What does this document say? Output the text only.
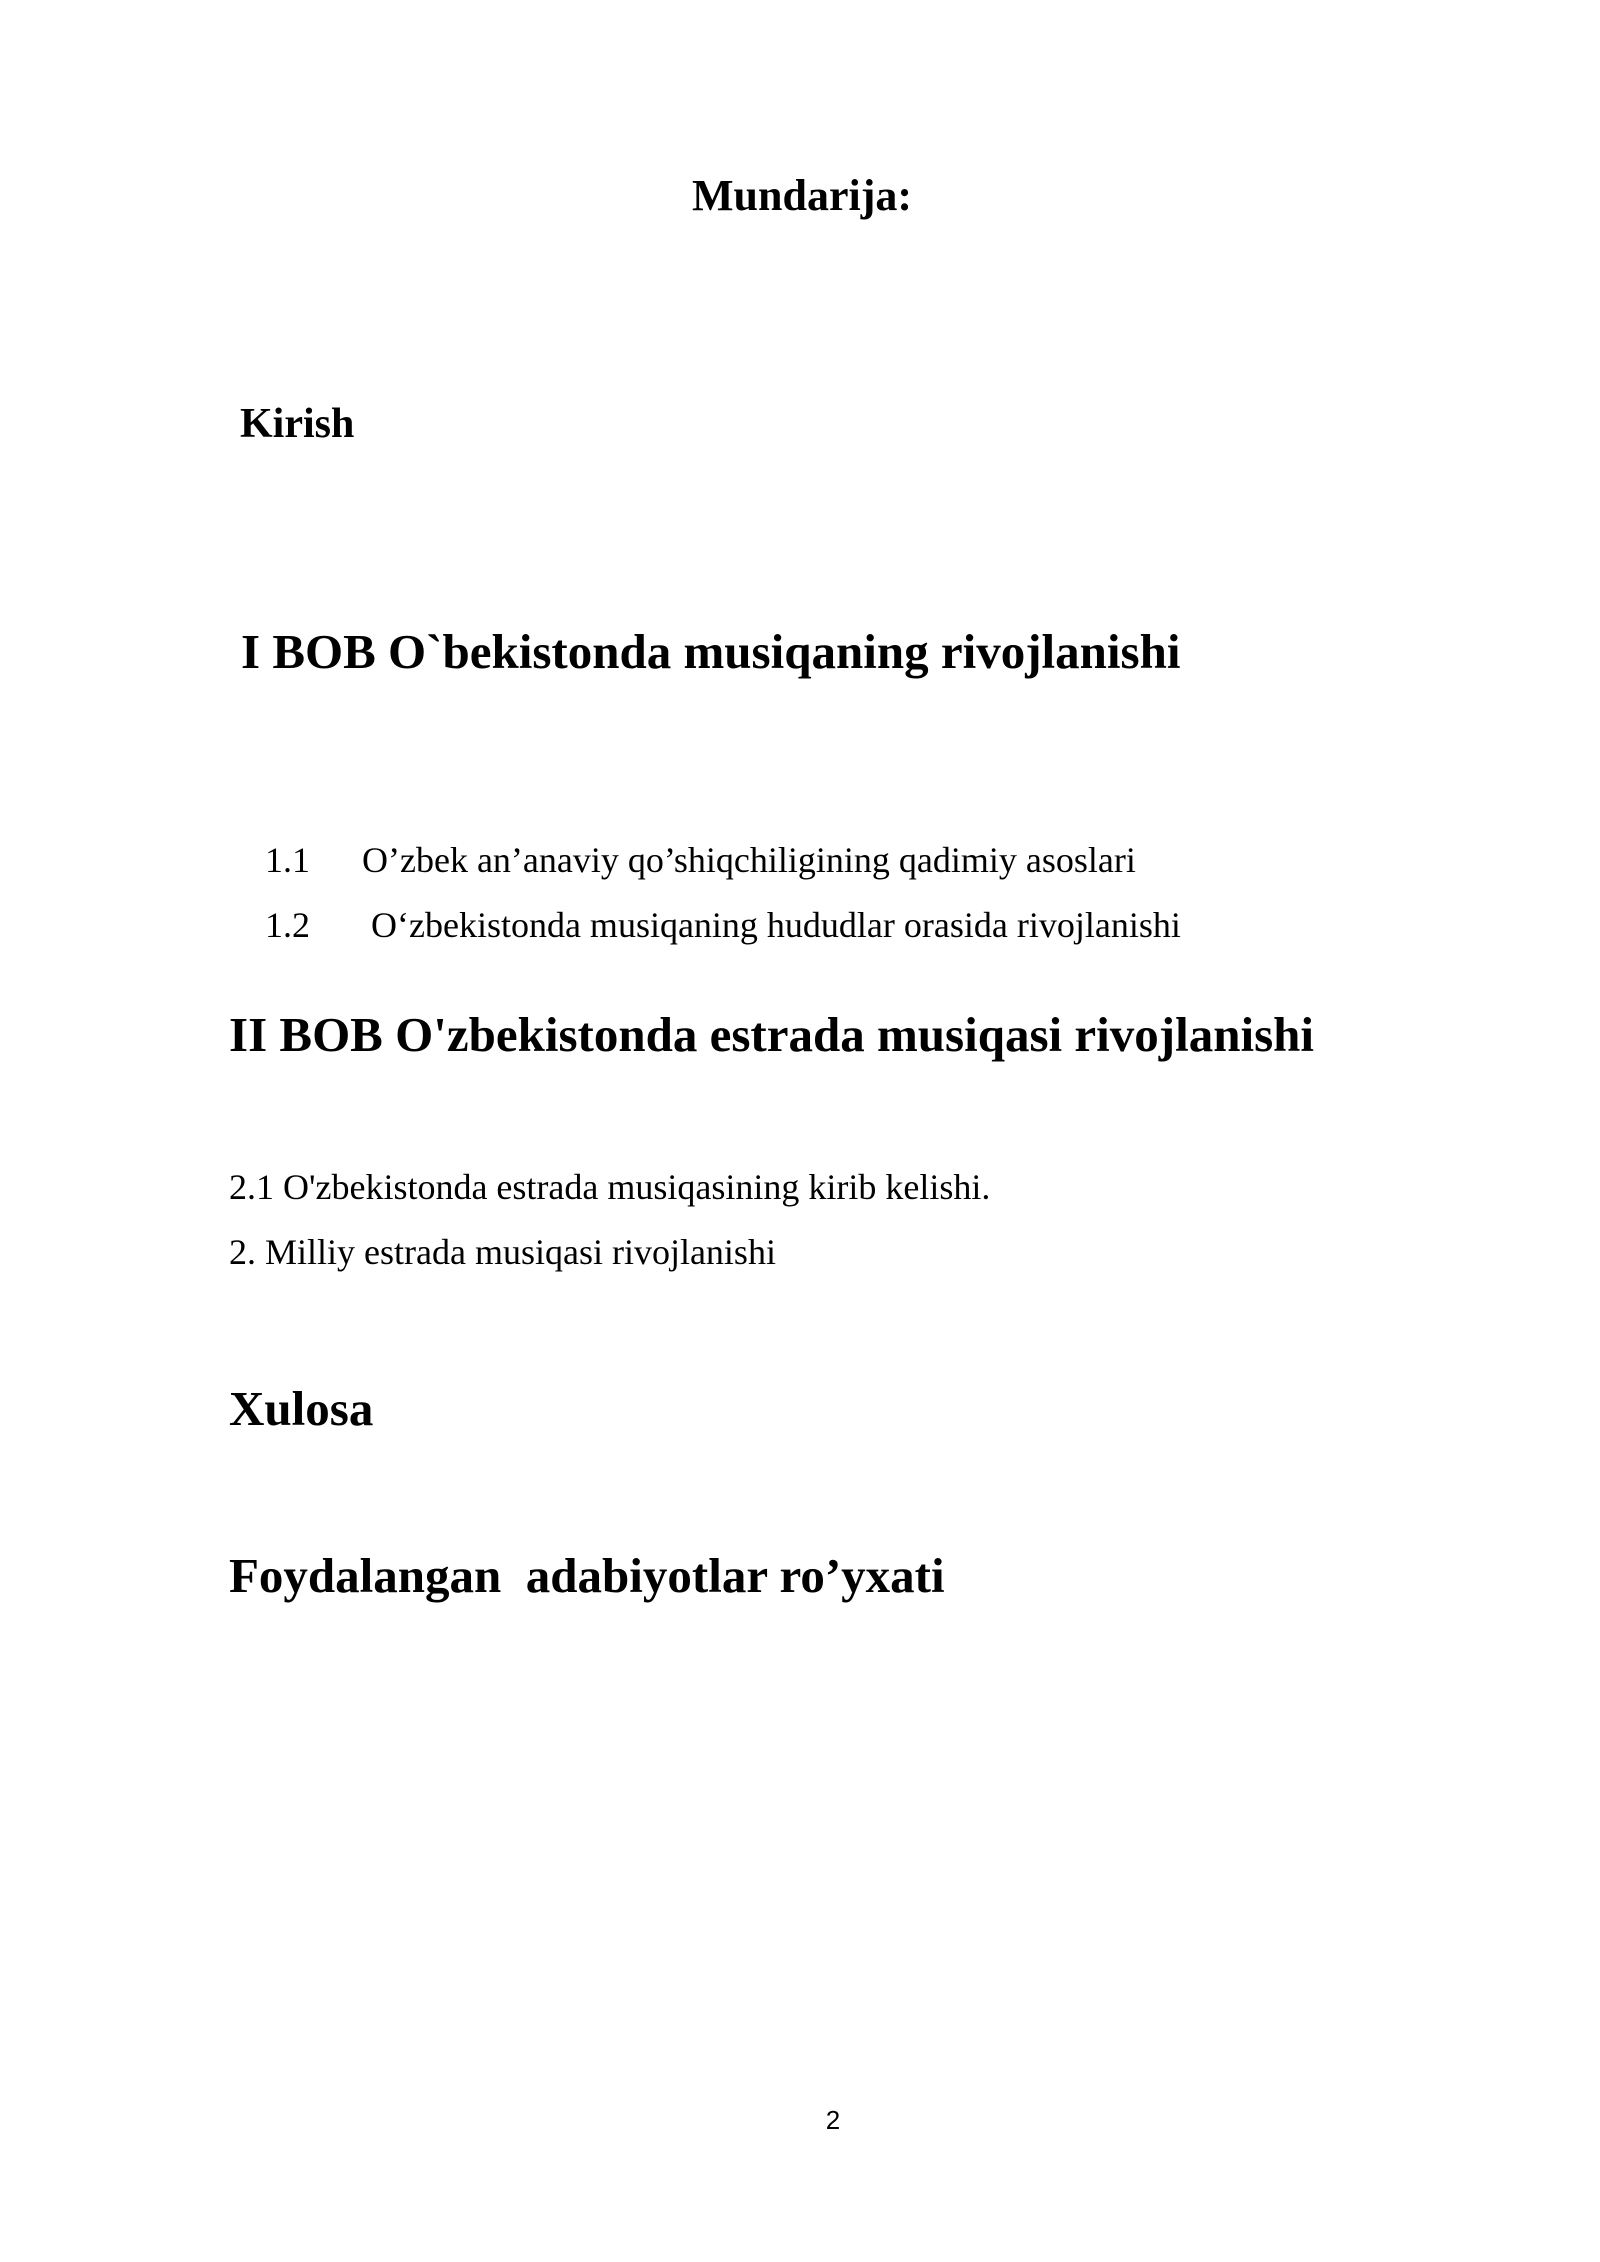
Mundarija:
Kirish
I BOB O`bekistonda musiqaning rivojlanishi

1.1 O’zbek an’anaviy qo’shiqchiligining qadimiy asoslari

1.2 O‘zbekistonda musiqaning hududlar orasida rivojlanishi

II BOB O'zbekistonda estrada musiqasi rivojlanishi
2.1 O'zbekistonda estrada musiqasining kirib kelishi.
2. Milliy estrada musiqasi rivojlanishi
Xulosa
Foydalangan  adabiyotlar ro’yxati
2
